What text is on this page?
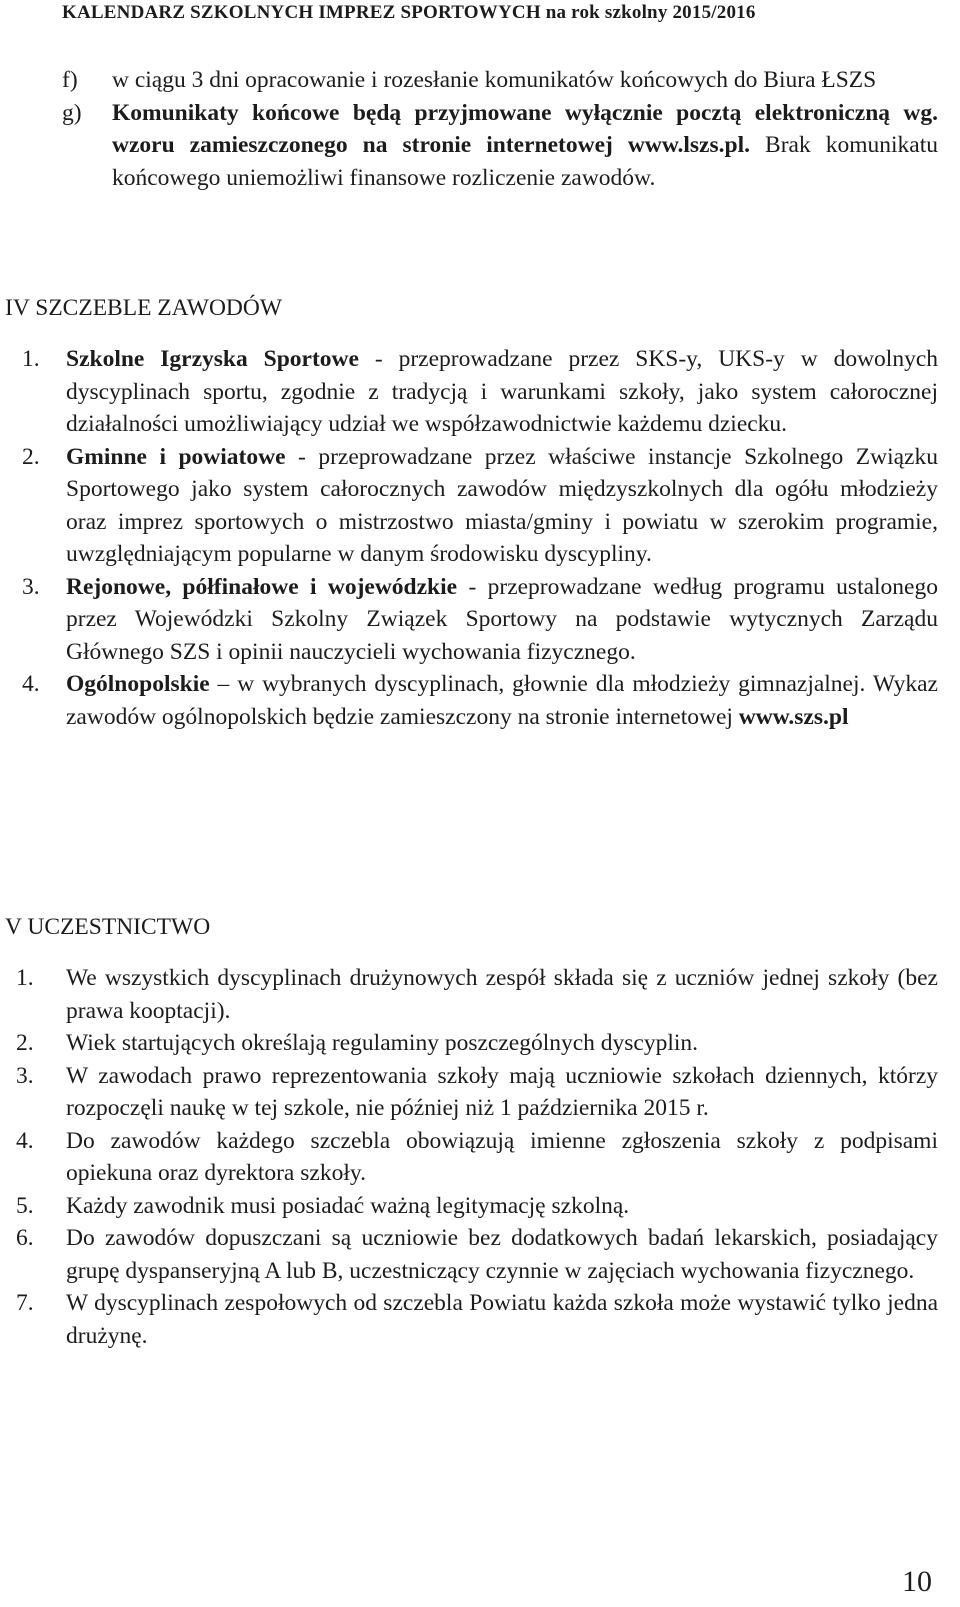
KALENDARZ SZKOLNYCH IMPREZ SPORTOWYCH na rok szkolny 2015/2016
f)	w ciągu 3 dni opracowanie i rozesłanie komunikatów końcowych do Biura ŁSZS
g)	Komunikaty końcowe będą przyjmowane wyłącznie pocztą elektroniczną wg. wzoru zamieszczonego na stronie internetowej www.lszs.pl. Brak komunikatu końcowego uniemożliwi finansowe rozliczenie zawodów.
IV SZCZEBLE ZAWODÓW
1.	Szkolne Igrzyska Sportowe - przeprowadzane przez SKS-y, UKS-y w dowolnych dyscyplinach sportu, zgodnie z tradycją i warunkami szkoły, jako system całorocznej działalności umożliwiający udział we współzawodnictwie każdemu dziecku.
2.	Gminne i powiatowe - przeprowadzane przez właściwe instancje Szkolnego Związku Sportowego jako system całorocznych zawodów międzyszkolnych dla ogółu młodzieży oraz imprez sportowych o mistrzostwo miasta/gminy i powiatu w szerokim programie, uwzględniającym popularne w danym środowisku dyscypliny.
3.	Rejonowe, półfinałowe i wojewódzkie - przeprowadzane według programu ustalonego przez Wojewódzki Szkolny Związek Sportowy na podstawie wytycznych Zarządu Głównego SZS i opinii nauczycieli wychowania fizycznego.
4.	Ogólnopolskie – w wybranych dyscyplinach, głownie dla młodzieży gimnazjalnej. Wykaz zawodów ogólnopolskich będzie zamieszczony na stronie internetowej www.szs.pl
V UCZESTNICTWO
1.	We wszystkich dyscyplinach drużynowych zespół składa się z uczniów jednej szkoły (bez prawa kooptacji).
2.	Wiek startujących określają regulaminy poszczególnych dyscyplin.
3.	W zawodach prawo reprezentowania szkoły mają uczniowie szkołach dziennych, którzy rozpoczęli naukę w tej szkole, nie później niż 1 października 2015 r.
4.	Do zawodów każdego szczebla obowiązują imienne zgłoszenia szkoły z podpisami opiekuna oraz dyrektora szkoły.
5.	Każdy zawodnik musi posiadać ważną legitymację szkolną.
6.	Do zawodów dopuszczani są uczniowie bez dodatkowych badań lekarskich, posiadający grupę dyspanseryjną A lub B, uczestniczący czynnie w zajęciach wychowania fizycznego.
7.	W dyscyplinach zespołowych od szczebla Powiatu każda szkoła może wystawić tylko jedna drużynę.
10
